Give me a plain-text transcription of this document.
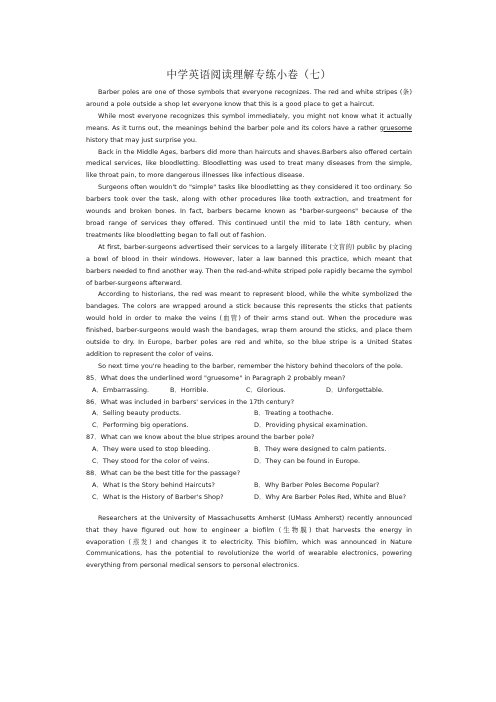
中学英语阅读理解专练小卷（七）

Barber poles are one of those symbols that everyone recognizes. The red and white stripes (条) around a pole outside a shop let everyone know that this is a good place to get a haircut.

While most everyone recognizes this symbol immediately, you might not know what it actually means. As it turns out, the meanings behind the barber pole and its colors have a rather gruesome history that may just surprise you.

Back in the Middle Ages, barbers did more than haircuts and shaves.Barbers also offered certain medical services, like bloodletting. Bloodletting was used to treat many diseases from the simple, like throat pain, to more dangerous illnesses like infectious disease.

Surgeons often wouldn't do "simple" tasks like bloodletting as they considered it too ordinary. So barbers took over the task, along with other procedures like tooth extraction, and treatment for wounds and broken bones. In fact, barbers became known as "barber-surgeons" because of the broad range of services they offered. This continued until the mid to late 18th century, when treatments like bloodletting began to fall out of fashion.

At first, barber-surgeons advertised their services to a largely illiterate (文盲的) public by placing a bowl of blood in their windows. However, later a law banned this practice, which meant that barbers needed to find another way. Then the red-and-white striped pole rapidly became the symbol of barber-surgeons afterward.

According to historians, the red was meant to represent blood, while the white symbolized the bandages. The colors are wrapped around a stick because this represents the sticks that patients would hold in order to make the veins (血管) of their arms stand out. When the procedure was finished, barber-surgeons would wash the bandages, wrap them around the sticks, and place them outside to dry. In Europe, barber poles are red and white, so the blue stripe is a United States addition to represent the color of veins.

So next time you're heading to the barber, remember the history behind thecolors of the pole.

85．What does the underlined word "gruesome" in Paragraph 2 probably mean?

A．Embarrassing.	B．Horrible.	C．Glorious.	D．Unforgettable.

86．What was included in barbers' services in the 17th century?

A．Selling beauty products.	B．Treating a toothache.
C．Performing big operations.	D．Providing physical examination.

87．What can we know about the blue stripes around the barber pole?

A．They were used to stop bleeding.	B．They were designed to calm patients.
C．They stood for the color of veins.	D．They can be found in Europe.

88．What can be the best title for the passage?

A．What Is the Story behind Haircuts?	B．Why Barber Poles Become Popular?
C．What Is the History of Barber's Shop?	D．Why Are Barber Poles Red, White and Blue?

Researchers at the University of Massachusetts Amherst (UMass Amherst) recently announced that they have figured out how to engineer a biofilm (生物膜) that harvests the energy in evaporation (蒸发) and changes it to electricity. This biofilm, which was announced in Nature Communications, has the potential to revolutionize the world of wearable electronics, powering everything from personal medical sensors to personal electronics.
